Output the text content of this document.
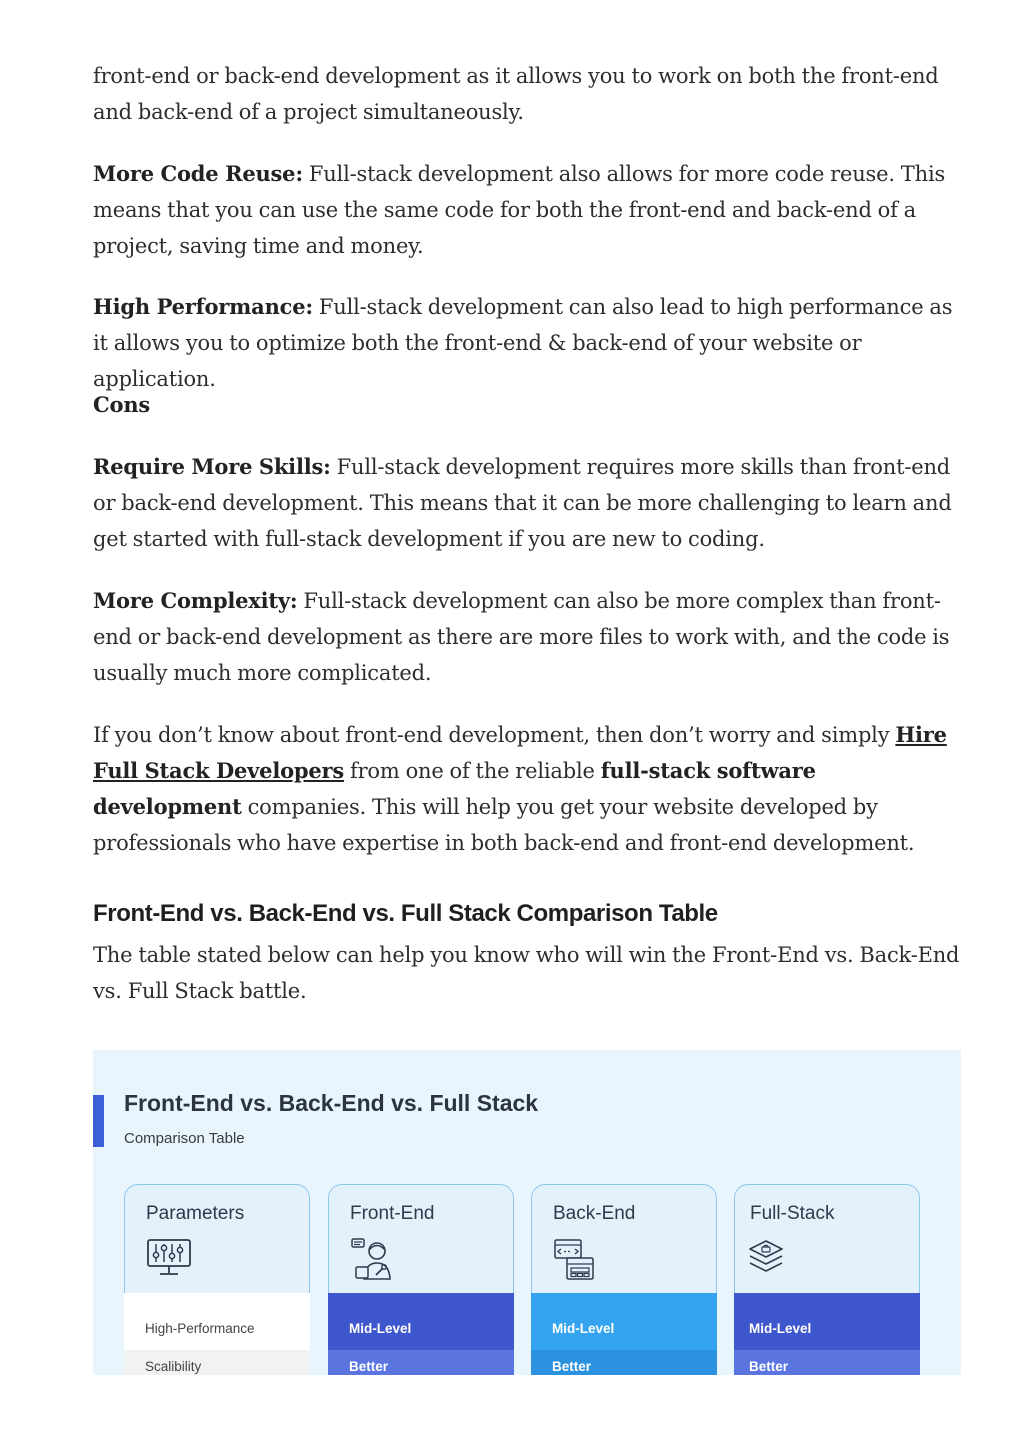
front-end or back-end development as it allows you to work on both the front-end and back-end of a project simultaneously.

More Code Reuse: Full-stack development also allows for more code reuse. This means that you can use the same code for both the front-end and back-end of a project, saving time and money.

High Performance: Full-stack development can also lead to high performance as it allows you to optimize both the front-end & back-end of your website or application.

Cons

Require More Skills: Full-stack development requires more skills than front-end or back-end development. This means that it can be more challenging to learn and get started with full-stack development if you are new to coding.

More Complexity: Full-stack development can also be more complex than front-end or back-end development as there are more files to work with, and the code is usually much more complicated.

If you don’t know about front-end development, then don’t worry and simply Hire Full Stack Developers from one of the reliable full-stack software development companies. This will help you get your website developed by professionals who have expertise in both back-end and front-end development.

Front-End vs. Back-End vs. Full Stack Comparison Table

The table stated below can help you know who will win the Front-End vs. Back-End vs. Full Stack battle.

Front-End vs. Back-End vs. Full Stack
Comparison Table
Parameters
High-Performance
Scalibility
Front-End
Mid-Level
Better
Back-End
Mid-Level
Better
Full-Stack
Mid-Level
Better
